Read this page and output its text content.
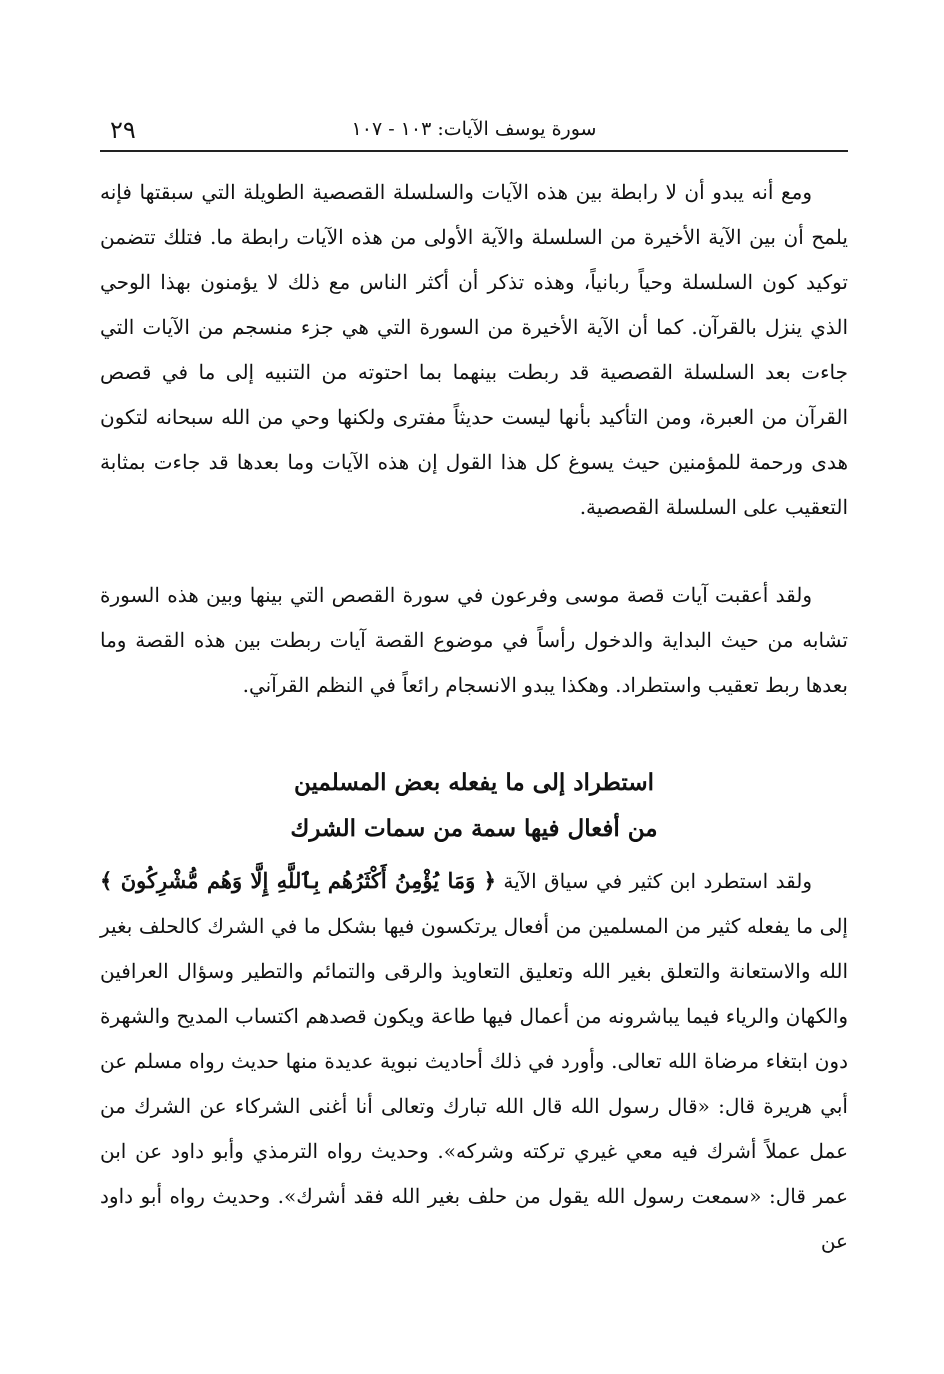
٢٩	سورة يوسف الآيات: ١٠٣ - ١٠٧

ومع أنه يبدو أن لا رابطة بين هذه الآيات والسلسلة القصصية الطويلة التي سبقتها فإنه يلمح أن بين الآية الأخيرة من السلسلة والآية الأولى من هذه الآيات رابطة ما. فتلك تتضمن توكيد كون السلسلة وحياً ربانياً، وهذه تذكر أن أكثر الناس مع ذلك لا يؤمنون بهذا الوحي الذي ينزل بالقرآن. كما أن الآية الأخيرة من السورة التي هي جزء منسجم من الآيات التي جاءت بعد السلسلة القصصية قد ربطت بينهما بما احتوته من التنبيه إلى ما في قصص القرآن من العبرة، ومن التأكيد بأنها ليست حديثاً مفترى ولكنها وحي من الله سبحانه لتكون هدى ورحمة للمؤمنين حيث يسوغ كل هذا القول إن هذه الآيات وما بعدها قد جاءت بمثابة التعقيب على السلسلة القصصية.

ولقد أعقبت آيات قصة موسى وفرعون في سورة القصص التي بينها وبين هذه السورة تشابه من حيث البداية والدخول رأساً في موضوع القصة آيات ربطت بين هذه القصة وما بعدها ربط تعقيب واستطراد. وهكذا يبدو الانسجام رائعاً في النظم القرآني.

استطراد إلى ما يفعله بعض المسلمين
من أفعال فيها سمة من سمات الشرك

ولقد استطرد ابن كثير في سياق الآية ﴿ وَمَا يُؤْمِنُ أَكْثَرُهُم بِٱللَّهِ إِلَّا وَهُم مُّشْرِكُونَ ﴾ إلى ما يفعله كثير من المسلمين من أفعال يرتكسون فيها بشكل ما في الشرك كالحلف بغير الله والاستعانة والتعلق بغير الله وتعليق التعاويذ والرقى والتمائم والتطير وسؤال العرافين والكهان والرياء فيما يباشرونه من أعمال فيها طاعة ويكون قصدهم اكتساب المديح والشهرة دون ابتغاء مرضاة الله تعالى. وأورد في ذلك أحاديث نبوية عديدة منها حديث رواه مسلم عن أبي هريرة قال: «قال رسول الله قال الله تبارك وتعالى أنا أغنى الشركاء عن الشرك من عمل عملاً أشرك فيه معي غيري تركته وشركه». وحديث رواه الترمذي وأبو داود عن ابن عمر قال: «سمعت رسول الله يقول من حلف بغير الله فقد أشرك». وحديث رواه أبو داود عن
